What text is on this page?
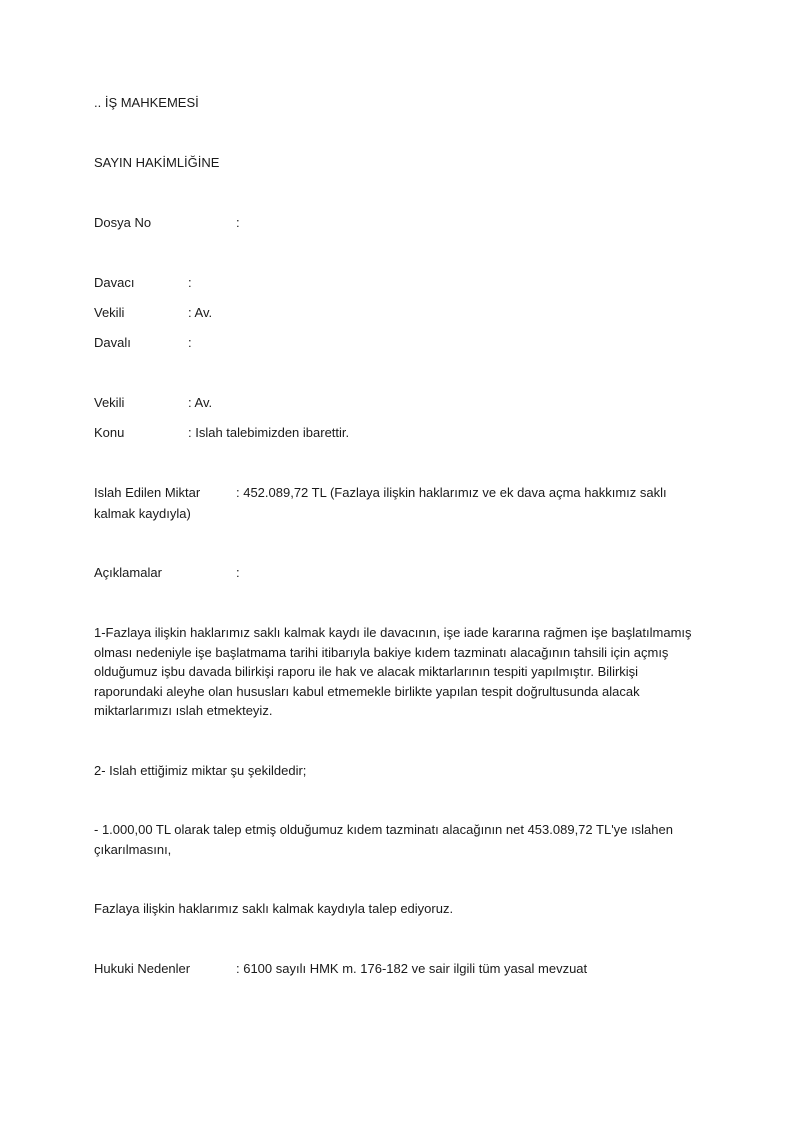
.. İŞ MAHKEMESİ
SAYIN HAKİMLİĞİNE
Dosya No	:
Davacı	:
Vekili	: Av.
Davalı	:
Vekili	: Av.
Konu	: Islah talebimizden ibarettir.
Islah Edilen Miktar	: 452.089,72 TL (Fazlaya ilişkin haklarımız ve ek dava açma hakkımız saklı
kalmak kaydıyla)
Açıklamalar	:
1-Fazlaya ilişkin haklarımız saklı kalmak kaydı ile davacının, işe iade kararına rağmen işe başlatılmamış
olması nedeniyle işe başlatmama tarihi itibarıyla bakiye kıdem tazminatı alacağının tahsili için açmış
olduğumuz işbu davada bilirkişi raporu ile hak ve alacak miktarlarının tespiti yapılmıştır. Bilirkişi
raporundaki aleyhe olan hususları kabul etmemekle birlikte yapılan tespit doğrultusunda alacak
miktarlarımızı ıslah etmekteyiz.
2- Islah ettiğimiz miktar şu şekildedir;
- 1.000,00 TL olarak talep etmiş olduğumuz kıdem tazminatı alacağının net 453.089,72 TL'ye ıslahen
çıkarılmasını,
Fazlaya ilişkin haklarımız saklı kalmak kaydıyla talep ediyoruz.
Hukuki Nedenler	: 6100 sayılı HMK m. 176-182 ve sair ilgili tüm yasal mevzuat
